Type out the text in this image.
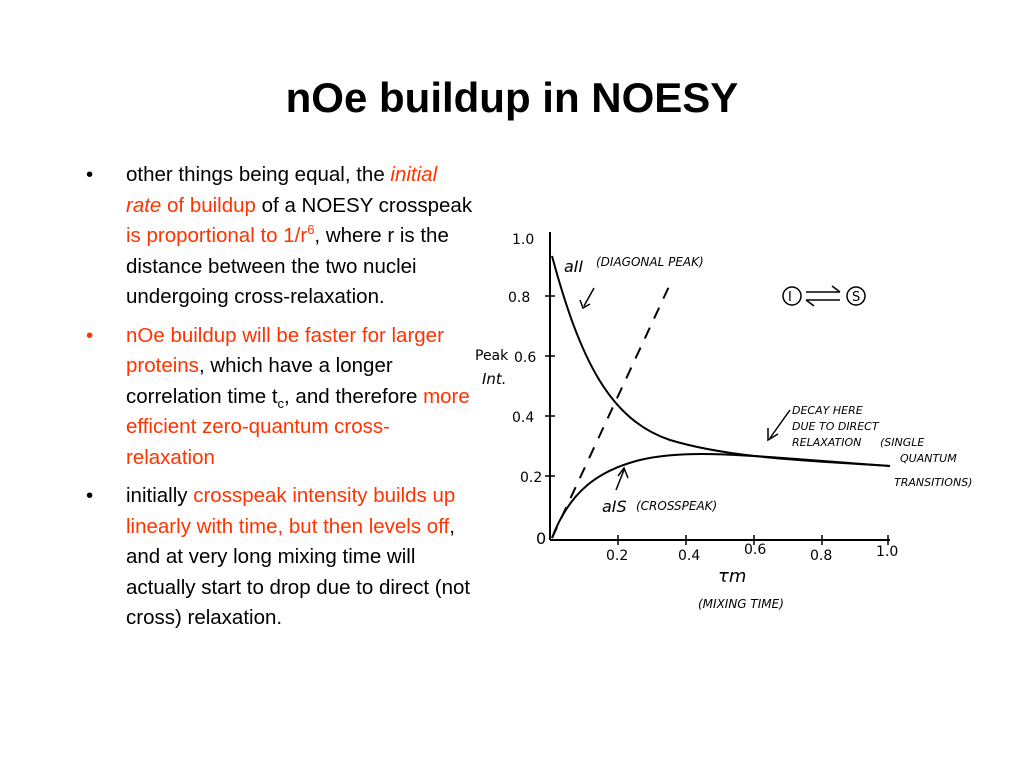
nOe buildup in NOESY
•	other things being equal, the initial rate of buildup of a NOESY crosspeak is proportional to $1/r^6$, where r is the distance between the two nuclei undergoing cross-relaxation.
•	nOe buildup will be faster for larger proteins, which have a longer correlation time $t_c$, and therefore more efficient zero-quantum cross-relaxation
•	initially crosspeak intensity builds up linearly with time, but then levels off, and at very long mixing time will actually start to drop due to direct (not cross) relaxation.
1.0
0.8
0.6
0.4
0.2
0
Peak
Int.
0.2	0.4	0.6	0.8	1.0
τm
(MIXING TIME)
aII (DIAGONAL PEAK)
aIS (CROSSPEAK)
I	S
DECAY HERE
DUE TO DIRECT
RELAXATION (SINGLE
QUANTUM
TRANSITIONS)
